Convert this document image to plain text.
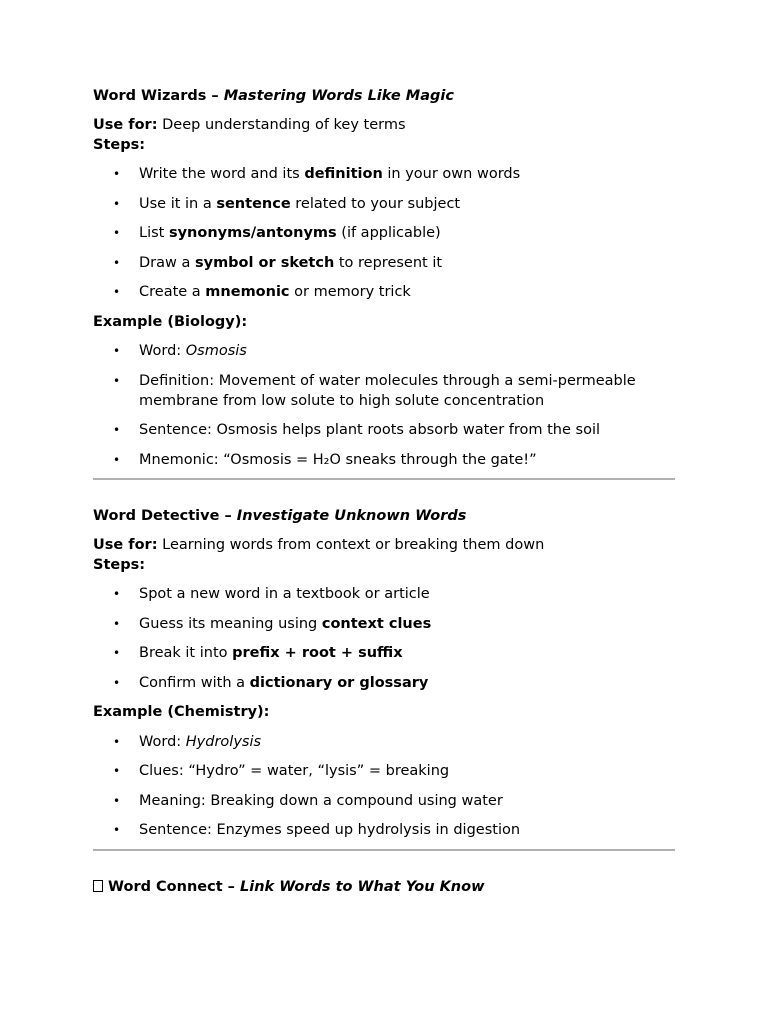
Word Wizards – Mastering Words Like Magic

Use for: Deep understanding of key terms

Steps:

• Write the word and its definition in your own words
• Use it in a sentence related to your subject
• List synonyms/antonyms (if applicable)
• Draw a symbol or sketch to represent it
• Create a mnemonic or memory trick

Example (Biology):

• Word: Osmosis
• Definition: Movement of water molecules through a semi-permeable
membrane from low solute to high solute concentration
• Sentence: Osmosis helps plant roots absorb water from the soil
• Mnemonic: “Osmosis = H₂O sneaks through the gate!”

Word Detective – Investigate Unknown Words

Use for: Learning words from context or breaking them down

Steps:

• Spot a new word in a textbook or article
• Guess its meaning using context clues
• Break it into prefix + root + suffix
• Confirm with a dictionary or glossary

Example (Chemistry):

• Word: Hydrolysis
• Clues: “Hydro” = water, “lysis” = breaking
• Meaning: Breaking down a compound using water
• Sentence: Enzymes speed up hydrolysis in digestion

Word Connect – Link Words to What You Know
